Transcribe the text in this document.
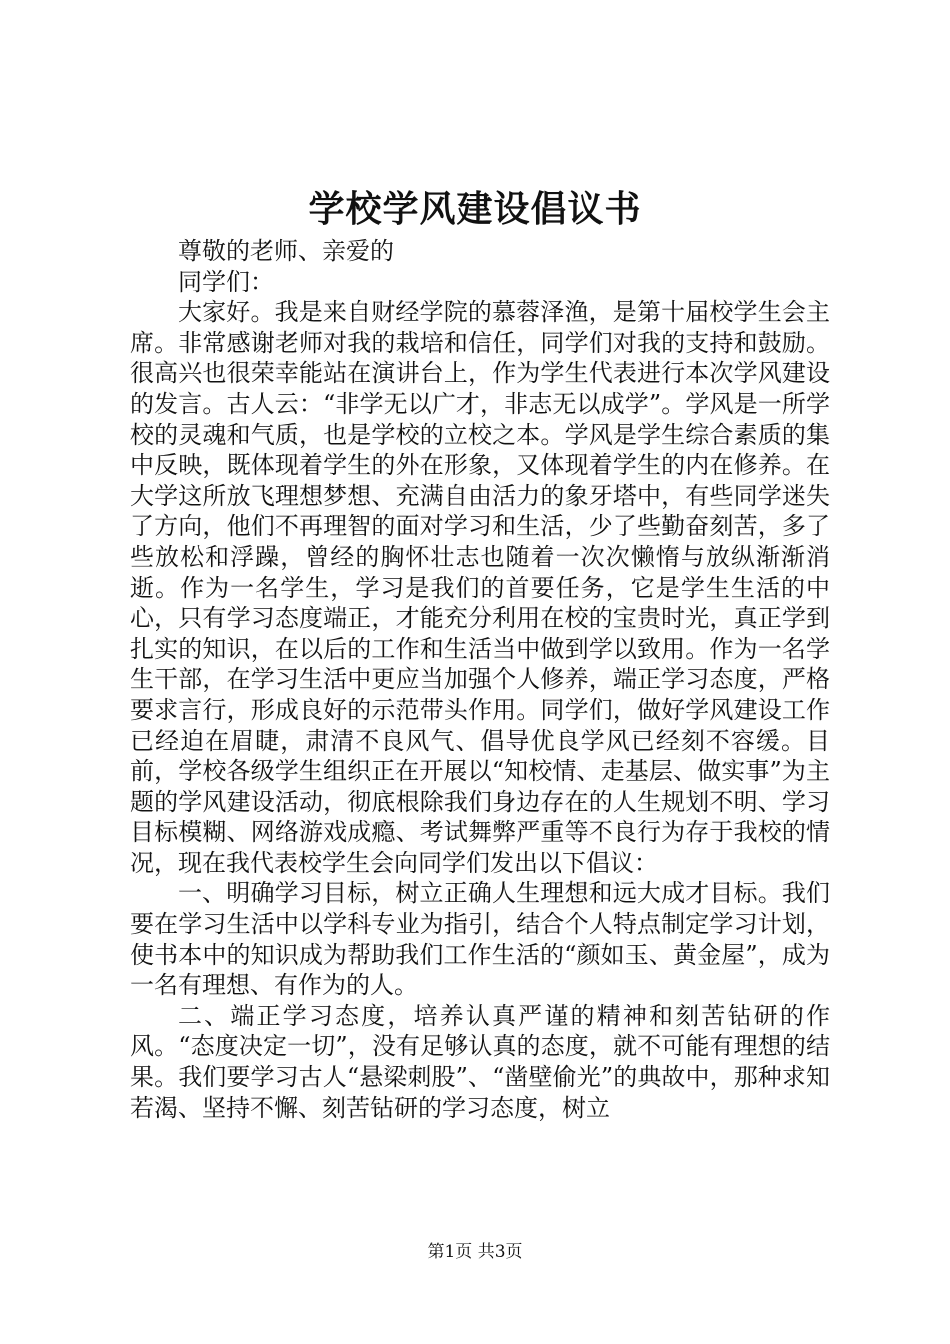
学校学风建设倡议书

尊敬的老师、亲爱的

同学们：

大家好。我是来自财经学院的慕蓉泽渔，是第十届校学生会主席。非常感谢老师对我的栽培和信任，同学们对我的支持和鼓励。很高兴也很荣幸能站在演讲台上，作为学生代表进行本次学风建设的发言。古人云：“非学无以广才，非志无以成学”。学风是一所学校的灵魂和气质，也是学校的立校之本。学风是学生综合素质的集中反映，既体现着学生的外在形象，又体现着学生的内在修养。在大学这所放飞理想梦想、充满自由活力的象牙塔中，有些同学迷失了方向，他们不再理智的面对学习和生活，少了些勤奋刻苦，多了些放松和浮躁，曾经的胸怀壮志也随着一次次懒惰与放纵渐渐消逝。作为一名学生，学习是我们的首要任务，它是学生生活的中心，只有学习态度端正，才能充分利用在校的宝贵时光，真正学到扎实的知识，在以后的工作和生活当中做到学以致用。作为一名学生干部，在学习生活中更应当加强个人修养，端正学习态度，严格要求言行，形成良好的示范带头作用。同学们，做好学风建设工作已经迫在眉睫，肃清不良风气、倡导优良学风已经刻不容缓。目前，学校各级学生组织正在开展以“知校情、走基层、做实事”为主题的学风建设活动，彻底根除我们身边存在的人生规划不明、学习目标模糊、网络游戏成瘾、考试舞弊严重等不良行为存于我校的情况，现在我代表校学生会向同学们发出以下倡议：

一、明确学习目标，树立正确人生理想和远大成才目标。我们要在学习生活中以学科专业为指引，结合个人特点制定学习计划，使书本中的知识成为帮助我们工作生活的“颜如玉、黄金屋”，成为一名有理想、有作为的人。

二、端正学习态度，培养认真严谨的精神和刻苦钻研的作风。“态度决定一切”，没有足够认真的态度，就不可能有理想的结果。我们要学习古人“悬梁刺股”、“凿壁偷光”的典故中，那种求知若渴、坚持不懈、刻苦钻研的学习态度，树立

第1页 共3页
